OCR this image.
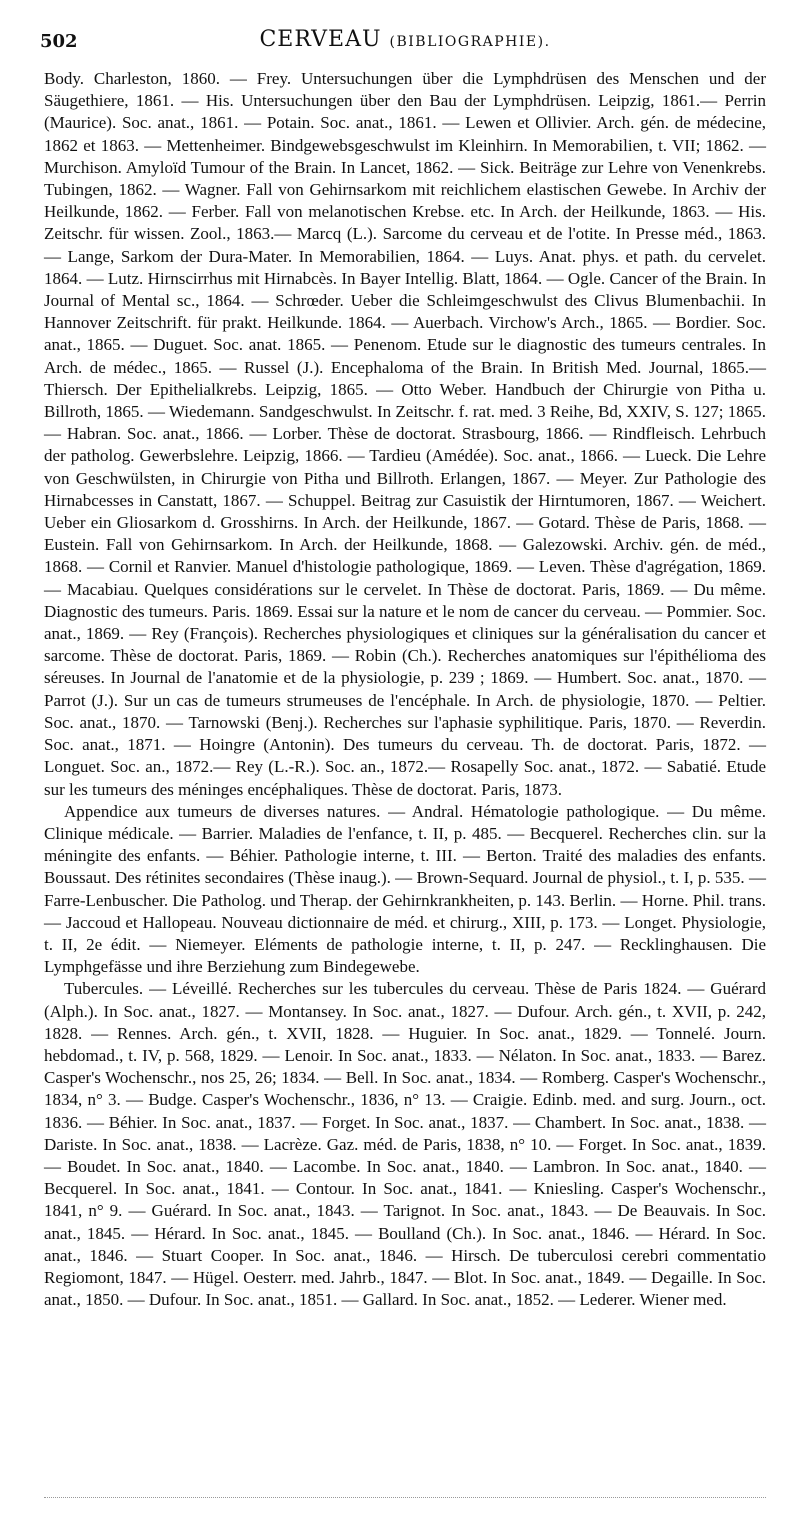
502	CERVEAU (BIBLIOGRAPHIE).

Body. Charleston, 1860. — Frey. Untersuchungen über die Lymphdrüsen des Menschen und der Säugethiere, 1861. — His. Untersuchungen über den Bau der Lymphdrüsen. Leipzig, 1861.— Perrin (Maurice). Soc. anat., 1861. — Potain. Soc. anat., 1861. — Lewen et Ollivier. Arch. gén. de médecine, 1862 et 1863. — Mettenheimer. Bindgewebsgeschwulst im Kleinhirn. In Memorabilien, t. VII; 1862. — Murchison. Amyloïd Tumour of the Brain. In Lancet, 1862. — Sick. Beiträge zur Lehre von Venenkrebs. Tubingen, 1862. — Wagner. Fall von Gehirnsarkom mit reichlichem elastischen Gewebe. In Archiv der Heilkunde, 1862. — Ferber. Fall von melanotischen Krebse. etc. In Arch. der Heilkunde, 1863. — His. Zeitschr. für wissen. Zool., 1863.— Marcq (L.). Sarcome du cerveau et de l'otite. In Presse méd., 1863. — Lange, Sarkom der Dura-Mater. In Memorabilien, 1864. — Luys. Anat. phys. et path. du cervelet. 1864. — Lutz. Hirnscirrhus mit Hirnabcès. In Bayer Intellig. Blatt, 1864. — Ogle. Cancer of the Brain. In Journal of Mental sc., 1864. — Schrœder. Ueber die Schleimgeschwulst des Clivus Blumenbachii. In Hannover Zeitschrift. für prakt. Heilkunde. 1864. — Auerbach. Virchow's Arch., 1865. — Bordier. Soc. anat., 1865. — Duguet. Soc. anat. 1865. — Penenom. Etude sur le diagnostic des tumeurs centrales. In Arch. de médec., 1865. — Russel (J.). Encephaloma of the Brain. In British Med. Journal, 1865.— Thiersch. Der Epithelialkrebs. Leipzig, 1865. — Otto Weber. Handbuch der Chirurgie von Pitha u. Billroth, 1865. — Wiedemann. Sandgeschwulst. In Zeitschr. f. rat. med. 3 Reihe, Bd, XXIV, S. 127; 1865. — Habran. Soc. anat., 1866. — Lorber. Thèse de doctorat. Strasbourg, 1866. — Rindfleisch. Lehrbuch der patholog. Gewerbslehre. Leipzig, 1866. — Tardieu (Amédée). Soc. anat., 1866. — Lueck. Die Lehre von Geschwülsten, in Chirurgie von Pitha und Billroth. Erlangen, 1867. — Meyer. Zur Pathologie des Hirnabcesses in Canstatt, 1867. — Schuppel. Beitrag zur Casuistik der Hirntumoren, 1867. — Weichert. Ueber ein Gliosarkom d. Grosshirns. In Arch. der Heilkunde, 1867. — Gotard. Thèse de Paris, 1868. — Eustein. Fall von Gehirnsarkom. In Arch. der Heilkunde, 1868. — Galezowski. Archiv. gén. de méd., 1868. — Cornil et Ranvier. Manuel d'histologie pathologique, 1869. — Leven. Thèse d'agrégation, 1869. — Macabiau. Quelques considérations sur le cervelet. In Thèse de doctorat. Paris, 1869. — Du même. Diagnostic des tumeurs. Paris. 1869. Essai sur la nature et le nom de cancer du cerveau. — Pommier. Soc. anat., 1869. — Rey (François). Recherches physiologiques et cliniques sur la généralisation du cancer et sarcome. Thèse de doctorat. Paris, 1869. — Robin (Ch.). Recherches anatomiques sur l'épithélioma des séreuses. In Journal de l'anatomie et de la physiologie, p. 239 ; 1869. — Humbert. Soc. anat., 1870. — Parrot (J.). Sur un cas de tumeurs strumeuses de l'encéphale. In Arch. de physiologie, 1870. — Peltier. Soc. anat., 1870. — Tarnowski (Benj.). Recherches sur l'aphasie syphilitique. Paris, 1870. — Reverdin. Soc. anat., 1871. — Hoingre (Antonin). Des tumeurs du cerveau. Th. de doctorat. Paris, 1872. — Longuet. Soc. an., 1872.— Rey (L.-R.). Soc. an., 1872.— Rosapelly Soc. anat., 1872. — Sabatié. Etude sur les tumeurs des méninges encéphaliques. Thèse de doctorat. Paris, 1873.

Appendice aux tumeurs de diverses natures. — Andral. Hématologie pathologique. — Du même. Clinique médicale. — Barrier. Maladies de l'enfance, t. II, p. 485. — Becquerel. Recherches clin. sur la méningite des enfants. — Béhier. Pathologie interne, t. III. — Berton. Traité des maladies des enfants. Boussaut. Des rétinites secondaires (Thèse inaug.). — Brown-Sequard. Journal de physiol., t. I, p. 535. — Farre-Lenbuscher. Die Patholog. und Therap. der Gehirnkrankheiten, p. 143. Berlin. — Horne. Phil. trans. — Jaccoud et Hallopeau. Nouveau dictionnaire de méd. et chirurg., XIII, p. 173. — Longet. Physiologie, t. II, 2e édit. — Niemeyer. Eléments de pathologie interne, t. II, p. 247. — Recklinghausen. Die Lymphgefässe und ihre Berziehung zum Bindegewebe.

Tubercules. — Léveillé. Recherches sur les tubercules du cerveau. Thèse de Paris 1824. — Guérard (Alph.). In Soc. anat., 1827. — Montansey. In Soc. anat., 1827. — Dufour. Arch. gén., t. XVII, p. 242, 1828. — Rennes. Arch. gén., t. XVII, 1828. — Huguier. In Soc. anat., 1829. — Tonnelé. Journ. hebdomad., t. IV, p. 568, 1829. — Lenoir. In Soc. anat., 1833. — Nélaton. In Soc. anat., 1833. — Barez. Casper's Wochenschr., nos 25, 26; 1834. — Bell. In Soc. anat., 1834. — Romberg. Casper's Wochenschr., 1834, n° 3. — Budge. Casper's Wochenschr., 1836, n° 13. — Craigie. Edinb. med. and surg. Journ., oct. 1836. — Béhier. In Soc. anat., 1837. — Forget. In Soc. anat., 1837. — Chambert. In Soc. anat., 1838. — Dariste. In Soc. anat., 1838. — Lacrèze. Gaz. méd. de Paris, 1838, n° 10. — Forget. In Soc. anat., 1839. — Boudet. In Soc. anat., 1840. — Lacombe. In Soc. anat., 1840. — Lambron. In Soc. anat., 1840. — Becquerel. In Soc. anat., 1841. — Contour. In Soc. anat., 1841. — Kniesling. Casper's Wochenschr., 1841, n° 9. — Guérard. In Soc. anat., 1843. — Tarignot. In Soc. anat., 1843. — De Beauvais. In Soc. anat., 1845. — Hérard. In Soc. anat., 1845. — Boulland (Ch.). In Soc. anat., 1846. — Hérard. In Soc. anat., 1846. — Stuart Cooper. In Soc. anat., 1846. — Hirsch. De tuberculosi cerebri commentatio Regiomont, 1847. — Hügel. Oesterr. med. Jahrb., 1847. — Blot. In Soc. anat., 1849. — Degaille. In Soc. anat., 1850. — Dufour. In Soc. anat., 1851. — Gallard. In Soc. anat., 1852. — Lederer. Wiener med.
